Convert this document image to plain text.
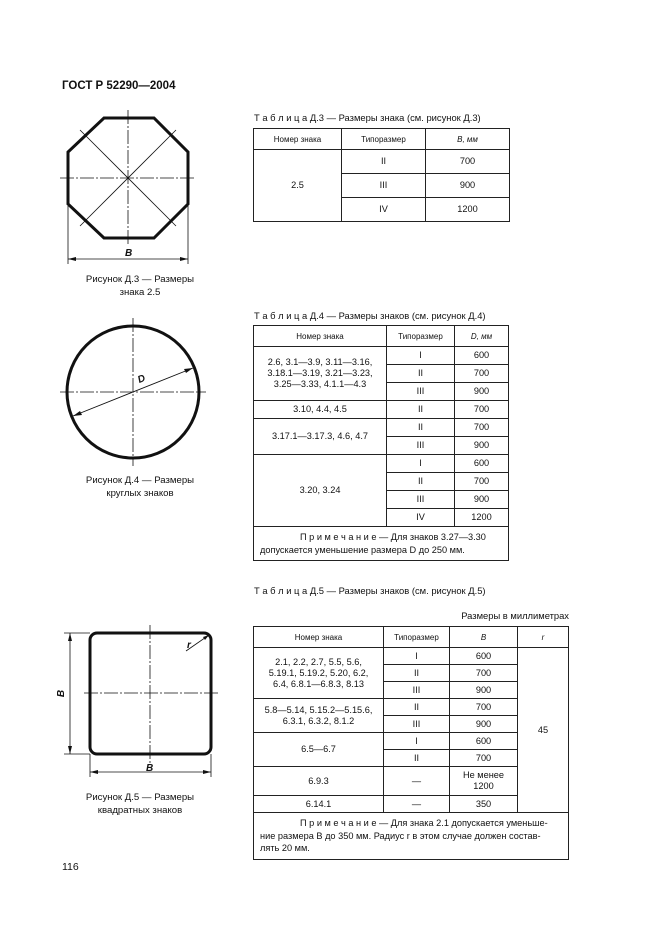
ГОСТ Р 52290—2004
В
Рисунок Д.3 — Размеры
знака 2.5
Т а б л и ц а Д.3 — Размеры знака (см. рисунок Д.3)
Номер знака	Типоразмер	В, мм
2.5	II	700
	III	900
	IV	1200
D
Рисунок Д.4 — Размеры
круглых знаков
Т а б л и ц а Д.4 — Размеры знаков (см. рисунок Д.4)
Номер знака	Типоразмер	D, мм

2.6, 3.1—3.9, 3.11—3.16,
3.18.1—3.19, 3.21—3.23,
3.25—3.33, 4.1.1—4.3	I	600
	II	700
	III	900
3.10, 4.4, 4.5	II	700
3.17.1—3.17.3, 4.6, 4.7	II	700
	III	900
3.20, 3.24	I	600
	II	700
	III	900
	IV	1200

П р и м е ч а н и е — Для знаков 3.27—3.30
допускается уменьшение размера D до 250 мм.		
r
В
В
Рисунок Д.5 — Размеры
квадратных знаков
Т а б л и ц а Д.5 — Размеры знаков (см. рисунок Д.5)
Размеры в миллиметрах
Номер знака	Типоразмер	В	r

2.1, 2.2, 2.7, 5.5, 5.6,
5.19.1, 5.19.2, 5.20, 6.2,
6.4, 6.8.1—6.8.3, 8.13	I	600	45
	II	700	
	III	900	

5.8—5.14, 5.15.2—5.15.6,
6.3.1, 6.3.2, 8.1.2	II	700	
	III	900	
6.5—6.7	I	600	
	II	700	
6.9.3	—	Не менее 1200	
6.14.1	—	350	

П р и м е ч а н и е — Для знака 2.1 допускается уменьше-
ние размера В до 350 мм. Радиус r в этом случае должен состав-
лять 20 мм.			
116
